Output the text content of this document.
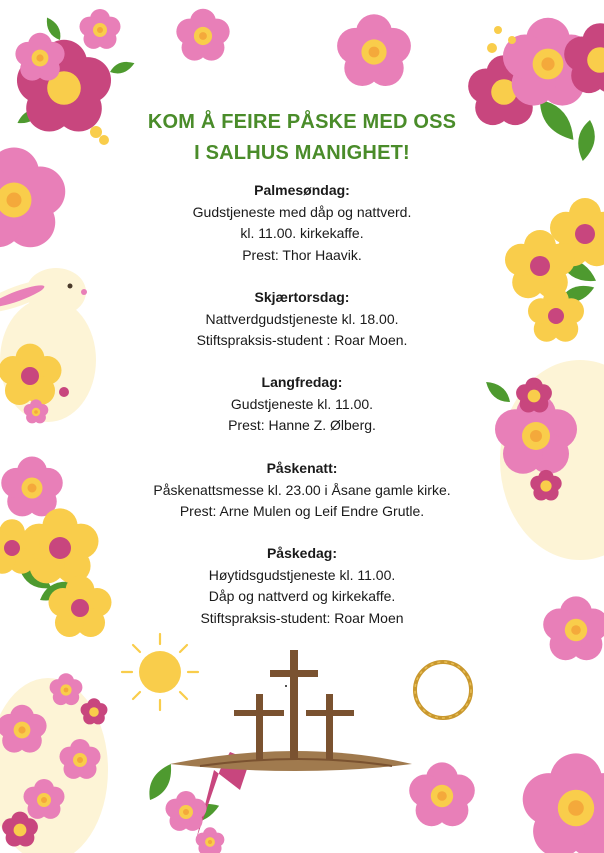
KOM Å FEIRE PÅSKE MED OSS
I SALHUS MANIGHET!
Palmesøndag:
Gudstjeneste med dåp og nattverd.
kl. 11.00. kirkekaffe.
Prest: Thor Haavik.
Skjærtorsdag:
Nattverdgudstjeneste kl. 18.00.
Stiftspraksis-student : Roar Moen.
Langfredag:
Gudstjeneste kl. 11.00.
Prest: Hanne Z. Ølberg.
Påskenatt:
Påskenattsmesse kl. 23.00 i Åsane gamle kirke.
Prest: Arne Mulen og Leif Endre Grutle.
Påskedag:
Høytidsgudstjeneste kl. 11.00.
Dåp og nattverd og kirkekaffe.
Stiftspraksis-student: Roar Moen
